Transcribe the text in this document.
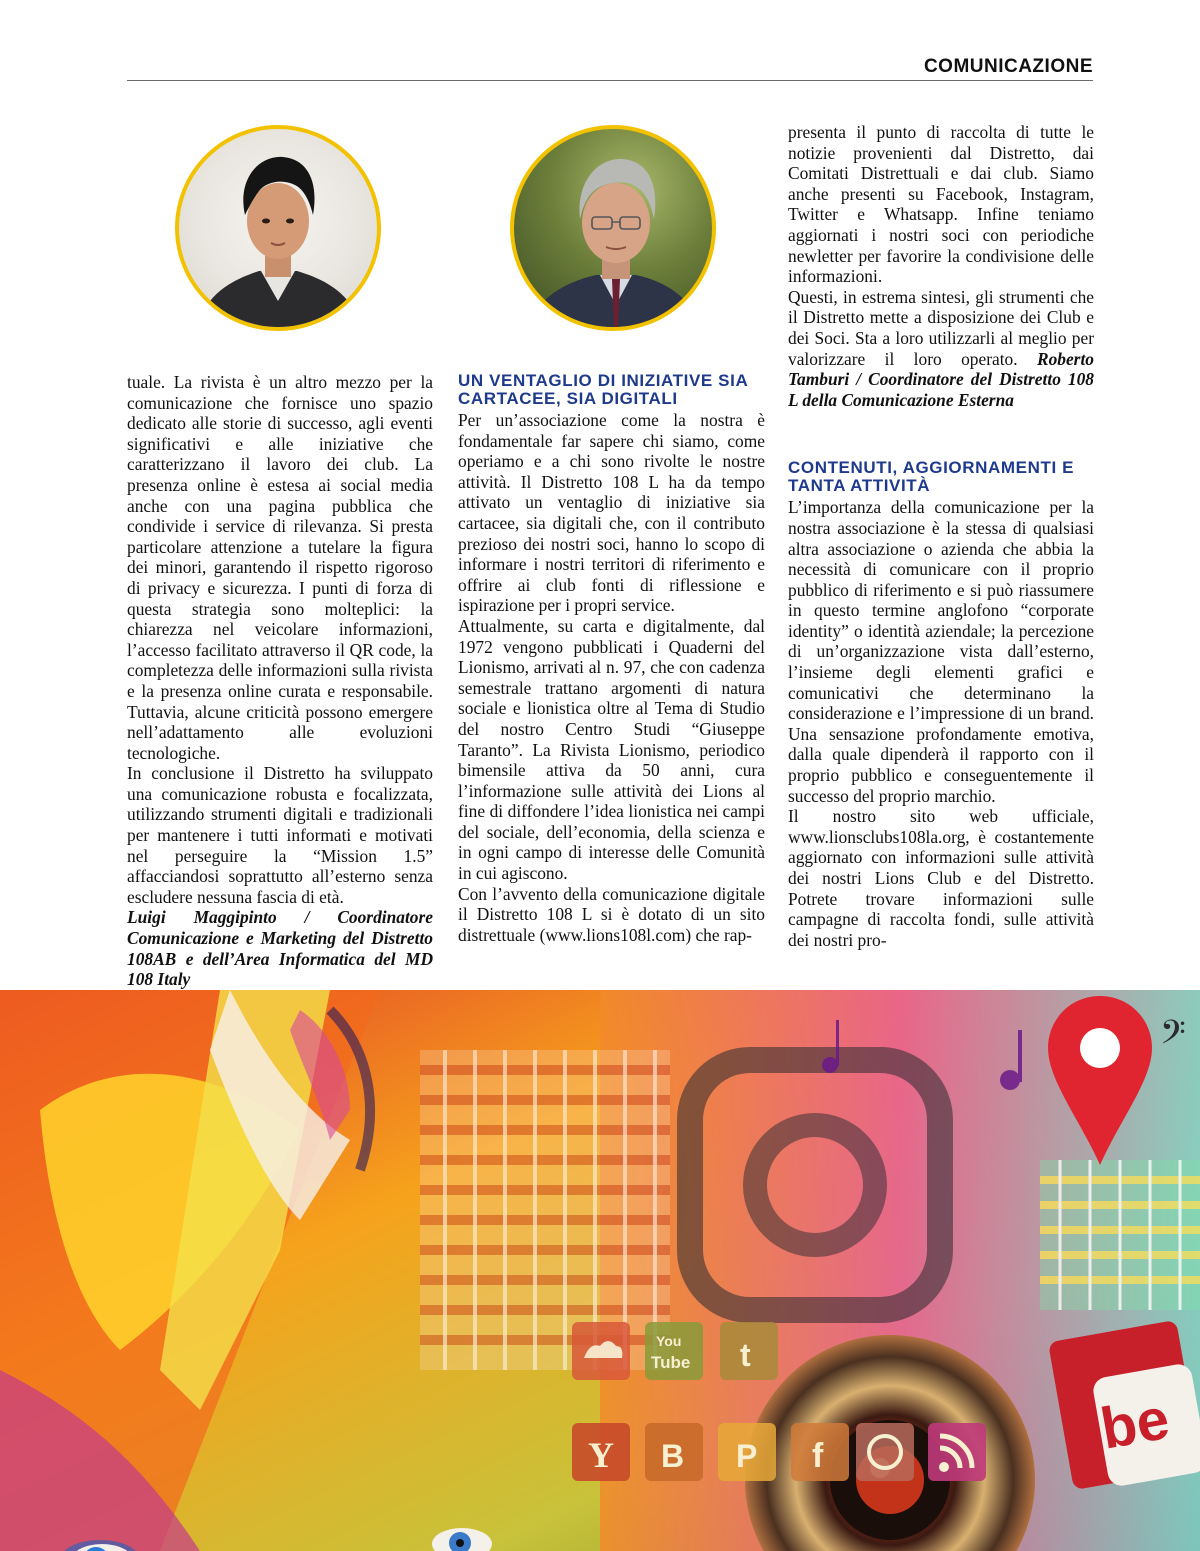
COMUNICAZIONE

tuale. La rivista è un altro mezzo per la comunicazione che fornisce uno spazio dedicato alle storie di successo, agli eventi significativi e alle iniziative che caratterizzano il lavoro dei club. La presenza online è estesa ai social media anche con una pagina pubblica che condivide i service di rilevanza. Si presta particolare attenzione a tutelare la figura dei minori, garantendo il rispetto rigoroso di privacy e sicurezza. I punti di forza di questa strategia sono molteplici: la chiarezza nel veicolare informazioni, l’accesso facilitato attraverso il QR code, la completezza delle informazioni sulla rivista e la presenza online curata e responsabile. Tuttavia, alcune criticità possono emergere nell’adattamento alle evoluzioni tecnologiche.

In conclusione il Distretto ha sviluppato una comunicazione robusta e focalizzata, utilizzando strumenti digitali e tradizionali per mantenere i tutti informati e motivati nel perseguire la “Mission 1.5” affacciandosi soprattutto all’esterno senza escludere nessuna fascia di età.

Luigi Maggipinto / Coordinatore Comunicazione e Marketing del Distretto 108AB e dell’Area Informatica del MD 108 Italy

UN VENTAGLIO DI INIZIATIVE SIA CARTACEE, SIA DIGITALI

Per un’associazione come la nostra è fondamentale far sapere chi siamo, come operiamo e a chi sono rivolte le nostre attività. Il Distretto 108 L ha da tempo attivato un ventaglio di iniziative sia cartacee, sia digitali che, con il contributo prezioso dei nostri soci, hanno lo scopo di informare i nostri territori di riferimento e offrire ai club fonti di riflessione e ispirazione per i propri service.

Attualmente, su carta e digitalmente, dal 1972 vengono pubblicati i Quaderni del Lionismo, arrivati al n. 97, che con cadenza semestrale trattano argomenti di natura sociale e lionistica oltre al Tema di Studio del nostro Centro Studi “Giuseppe Taranto”. La Rivista Lionismo, periodico bimensile attiva da 50 anni, cura l’informazione sulle attività dei Lions al fine di diffondere l’idea lionistica nei campi del sociale, dell’economia, della scienza e in ogni campo di interesse delle Comunità in cui agiscono.

Con l’avvento della comunicazione digitale il Distretto 108 L si è dotato di un sito distrettuale (www.lions108l.com) che rap-

presenta il punto di raccolta di tutte le notizie provenienti dal Distretto, dai Comitati Distrettuali e dai club. Siamo anche presenti su Facebook, Instagram, Twitter e Whatsapp. Infine teniamo aggiornati i nostri soci con periodiche newletter per favorire la condivisione delle informazioni.

Questi, in estrema sintesi, gli strumenti che il Distretto mette a disposizione dei Club e dei Soci. Sta a loro utilizzarli al meglio per valorizzare il loro operato. Roberto Tamburi / Coordinatore del Distretto 108 L della Comunicazione Esterna

CONTENUTI, AGGIORNAMENTI E TANTA ATTIVITÀ

L’importanza della comunicazione per la nostra associazione è la stessa di qualsiasi altra associazione o azienda che abbia la necessità di comunicare con il proprio pubblico di riferimento e si può riassumere in questo termine anglofono “corporate identity” o identità aziendale; la percezione di un’organizzazione vista dall’esterno, l’insieme degli elementi grafici e comunicativi che determinano la considerazione e l’impressione di un brand. Una sensazione profondamente emotiva, dalla quale dipenderà il rapporto con il proprio pubblico e conseguentemente il successo del proprio marchio.

Il nostro sito web ufficiale, www.lionsclubs108la.org, è costantemente aggiornato con informazioni sulle attività dei nostri Lions Club e del Distretto. Potrete trovare informazioni sulle campagne di raccolta fondi, sulle attività dei nostri pro-

ibe
𝄢
You
Tube t
Y B P f
